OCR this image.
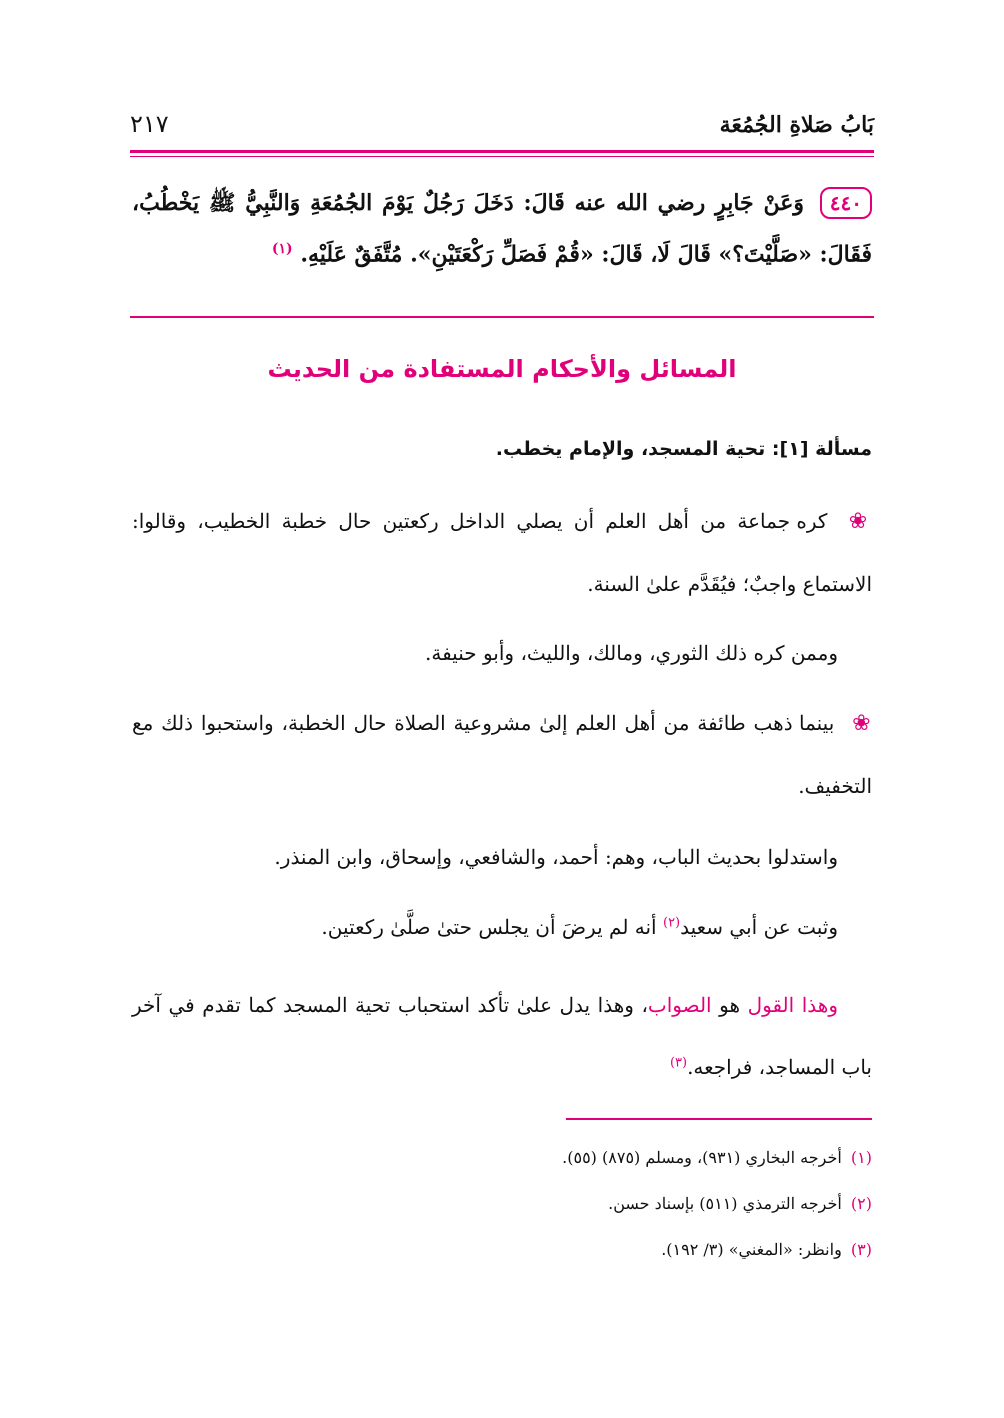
بَابُ صَلاةِ الجُمُعَة
٢١٧
٤٤٠ وَعَنْ جَابِرٍ رضي الله عنه قَالَ: دَخَلَ رَجُلٌ يَوْمَ الجُمُعَةِ وَالنَّبِيُّ ﷺ يَخْطُبُ، فَقَالَ: «صَلَّيْتَ؟» قَالَ لَا، قَالَ: «قُمْ فَصَلِّ رَكْعَتَيْنِ». مُتَّفَقٌ عَلَيْهِ. $^{(١)}$
المسائل والأحكام المستفادة من الحديث
مسألة [١]: تحية المسجد، والإمام يخطب.
❀ كره جماعة من أهل العلم أن يصلي الداخل ركعتين حال خطبة الخطيب، وقالوا: الاستماع واجبٌ؛ فيُقَدَّم علىٰ السنة.
وممن كره ذلك الثوري، ومالك، والليث، وأبو حنيفة.
❀ بينما ذهب طائفة من أهل العلم إلىٰ مشروعية الصلاة حال الخطبة، واستحبوا ذلك مع التخفيف.
واستدلوا بحديث الباب، وهم: أحمد، والشافعي، وإسحاق، وابن المنذر.
وثبت عن أبي سعيد$^{(٢)}$ أنه لم يرضَ أن يجلس حتىٰ صلَّىٰ ركعتين.
وهذا القول هو الصواب، وهذا يدل علىٰ تأكد استحباب تحية المسجد كما تقدم في آخر باب المساجد، فراجعه.$^{(٣)}$
(١) أخرجه البخاري (٩٣١)، ومسلم (٨٧٥) (٥٥).
(٢) أخرجه الترمذي (٥١١) بإسناد حسن.
(٣) وانظر: «المغني» (٣/ ١٩٢).
